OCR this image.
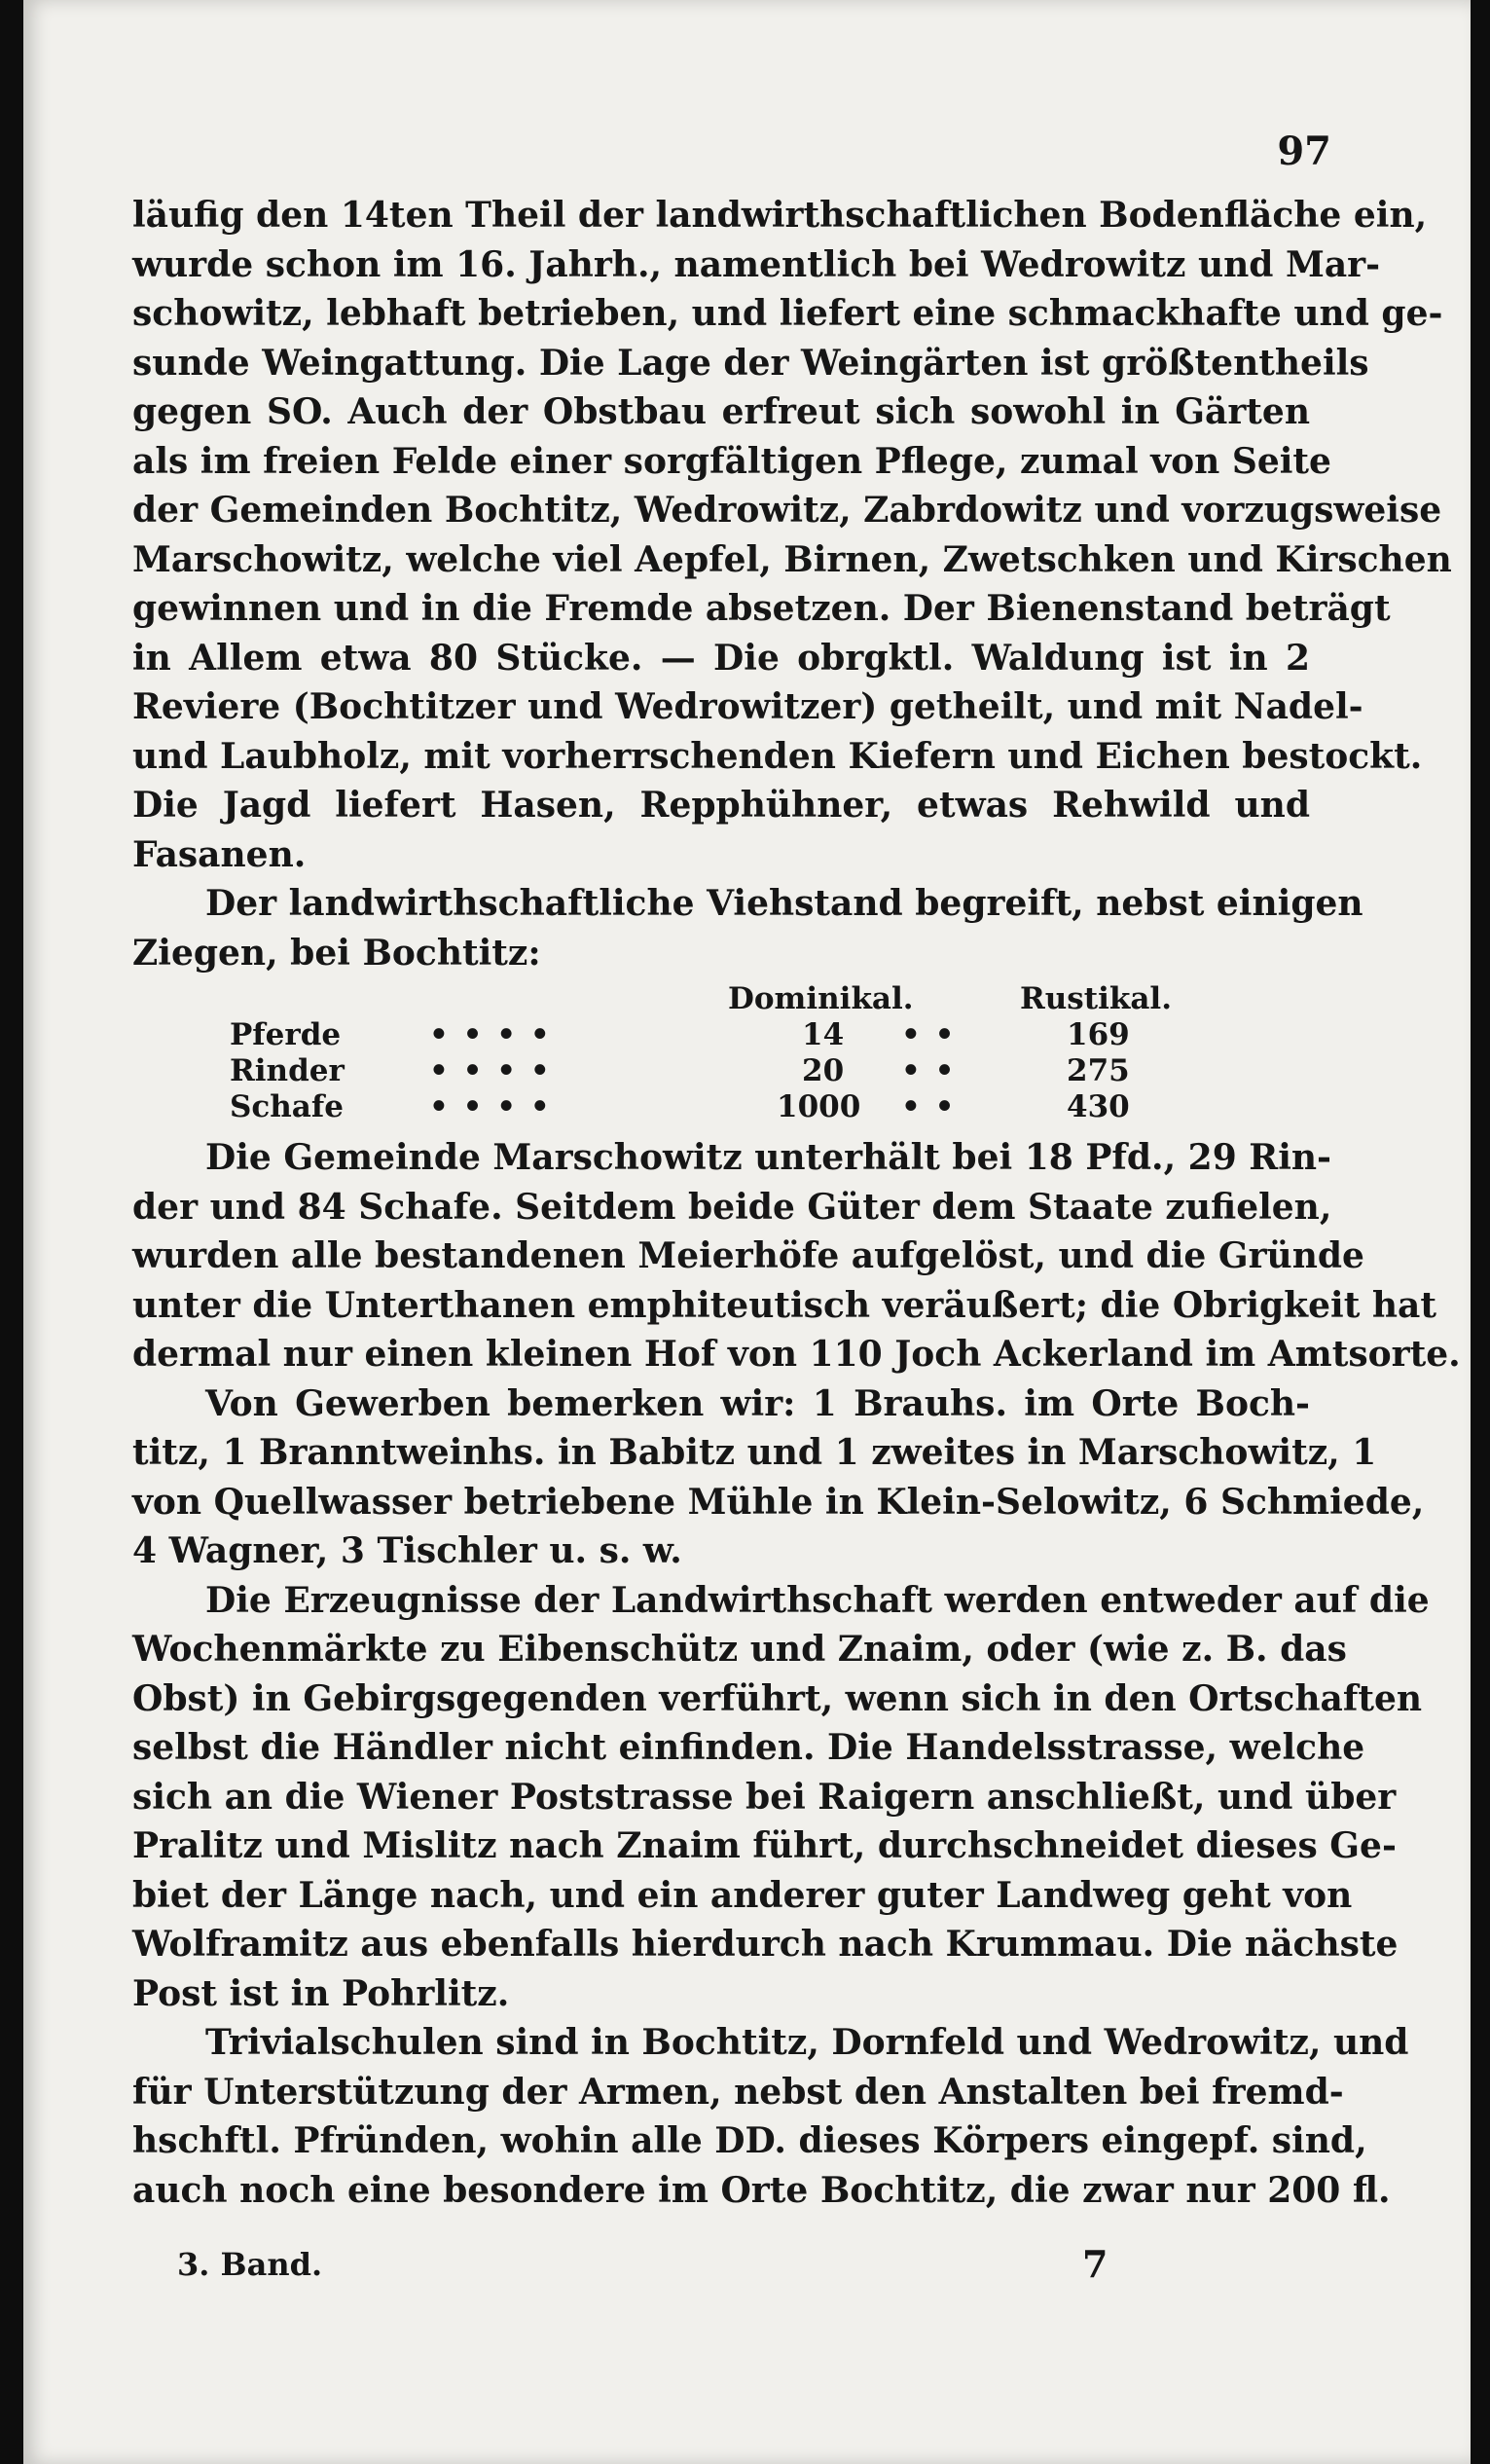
97
läufig den 14ten Theil der landwirthschaftlichen Bodenfläche ein,
wurde schon im 16. Jahrh., namentlich bei Wedrowitz und Mar-
schowitz, lebhaft betrieben, und liefert eine schmackhafte und ge-
sunde Weingattung. Die Lage der Weingärten ist größtentheils
gegen SO. Auch der Obstbau erfreut sich sowohl in Gärten
als im freien Felde einer sorgfältigen Pflege, zumal von Seite
der Gemeinden Bochtitz, Wedrowitz, Zabrdowitz und vorzugsweise
Marschowitz, welche viel Aepfel, Birnen, Zwetschken und Kirschen
gewinnen und in die Fremde absetzen. Der Bienenstand beträgt
in Allem etwa 80 Stücke. — Die obrgktl. Waldung ist in 2
Reviere (Bochtitzer und Wedrowitzer) getheilt, und mit Nadel-
und Laubholz, mit vorherrschenden Kiefern und Eichen bestockt.
Die Jagd liefert Hasen, Repphühner, etwas Rehwild und
Fasanen.
Der landwirthschaftliche Viehstand begreift, nebst einigen
Ziegen, bei Bochtitz:
Dominikal.	Rustikal.
Pferde	• • • •	14 • •	169
Rinder	• • • •	20 • •	275
Schafe	• • • •	1000 • •	430
Die Gemeinde Marschowitz unterhält bei 18 Pfd., 29 Rin-
der und 84 Schafe. Seitdem beide Güter dem Staate zufielen,
wurden alle bestandenen Meierhöfe aufgelöst, und die Gründe
unter die Unterthanen emphiteutisch veräußert; die Obrigkeit hat
dermal nur einen kleinen Hof von 110 Joch Ackerland im Amtsorte.
Von Gewerben bemerken wir: 1 Brauhs. im Orte Boch-
titz, 1 Branntweinhs. in Babitz und 1 zweites in Marschowitz, 1
von Quellwasser betriebene Mühle in Klein-Selowitz, 6 Schmiede,
4 Wagner, 3 Tischler u. s. w.
Die Erzeugnisse der Landwirthschaft werden entweder auf die
Wochenmärkte zu Eibenschütz und Znaim, oder (wie z. B. das
Obst) in Gebirgsgegenden verführt, wenn sich in den Ortschaften
selbst die Händler nicht einfinden. Die Handelsstrasse, welche
sich an die Wiener Poststrasse bei Raigern anschließt, und über
Pralitz und Mislitz nach Znaim führt, durchschneidet dieses Ge-
biet der Länge nach, und ein anderer guter Landweg geht von
Wolframitz aus ebenfalls hierdurch nach Krummau. Die nächste
Post ist in Pohrlitz.
Trivialschulen sind in Bochtitz, Dornfeld und Wedrowitz, und
für Unterstützung der Armen, nebst den Anstalten bei fremd-
hschftl. Pfründen, wohin alle DD. dieses Körpers eingepf. sind,
auch noch eine besondere im Orte Bochtitz, die zwar nur 200 fl.
3. Band.	7
